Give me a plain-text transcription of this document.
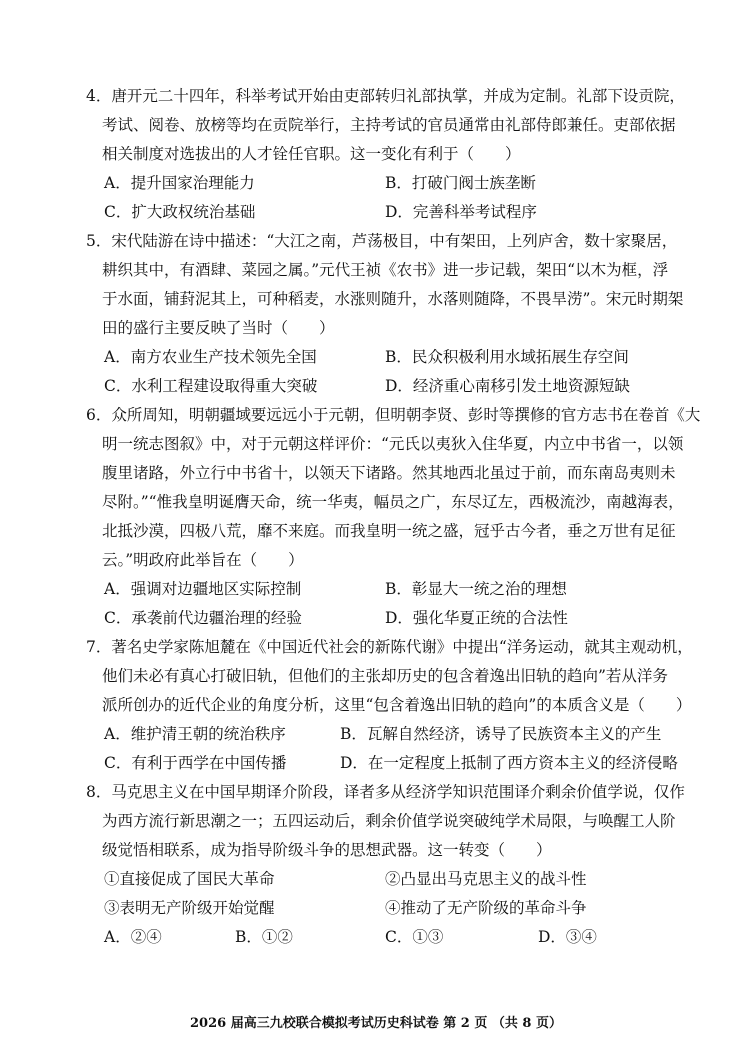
4．唐开元二十四年，科举考试开始由吏部转归礼部执掌，并成为定制。礼部下设贡院，
考试、阅卷、放榜等均在贡院举行，主持考试的官员通常由礼部侍郎兼任。吏部依据
相关制度对选拔出的人才铨任官职。这一变化有利于（　　）
A．提升国家治理能力	B．打破门阀士族垄断
C．扩大政权统治基础	D．完善科举考试程序
5．宋代陆游在诗中描述：“大江之南，芦荡极目，中有架田，上列庐舍，数十家聚居，
耕织其中，有酒肆、菜园之属。”元代王祯《农书》进一步记载，架田“以木为框，浮
于水面，铺葑泥其上，可种稻麦，水涨则随升，水落则随降，不畏旱涝”。宋元时期架
田的盛行主要反映了当时（　　）
A．南方农业生产技术领先全国	B．民众积极利用水域拓展生存空间
C．水利工程建设取得重大突破	D．经济重心南移引发土地资源短缺
6．众所周知，明朝疆域要远远小于元朝，但明朝李贤、彭时等撰修的官方志书在卷首《大
明一统志图叙》中，对于元朝这样评价：“元氏以夷狄入住华夏，内立中书省一，以领
腹里诸路，外立行中书省十，以领天下诸路。然其地西北虽过于前，而东南岛夷则未
尽附。”“惟我皇明诞膺天命，统一华夷，幅员之广，东尽辽左，西极流沙，南越海表，
北抵沙漠，四极八荒，靡不来庭。而我皇明一统之盛，冠乎古今者，垂之万世有足征
云。”明政府此举旨在（　　）
A．强调对边疆地区实际控制	B．彰显大一统之治的理想
C．承袭前代边疆治理的经验	D．强化华夏正统的合法性
7．著名史学家陈旭麓在《中国近代社会的新陈代谢》中提出“洋务运动，就其主观动机，
他们未必有真心打破旧轨，但他们的主张却历史的包含着逸出旧轨的趋向”若从洋务
派所创办的近代企业的角度分析，这里“包含着逸出旧轨的趋向”的本质含义是（　　）
A．维护清王朝的统治秩序	B．瓦解自然经济，诱导了民族资本主义的产生
C．有利于西学在中国传播	D．在一定程度上抵制了西方资本主义的经济侵略
8．马克思主义在中国早期译介阶段，译者多从经济学知识范围译介剩余价值学说，仅作
为西方流行新思潮之一；五四运动后，剩余价值学说突破纯学术局限，与唤醒工人阶
级觉悟相联系，成为指导阶级斗争的思想武器。这一转变（　　）
①直接促成了国民大革命	②凸显出马克思主义的战斗性
③表明无产阶级开始觉醒	④推动了无产阶级的革命斗争
A．②④	B．①②	C．①③	D．③④
2026 届高三九校联合模拟考试历史科试卷 第 2 页 （共 8 页）
